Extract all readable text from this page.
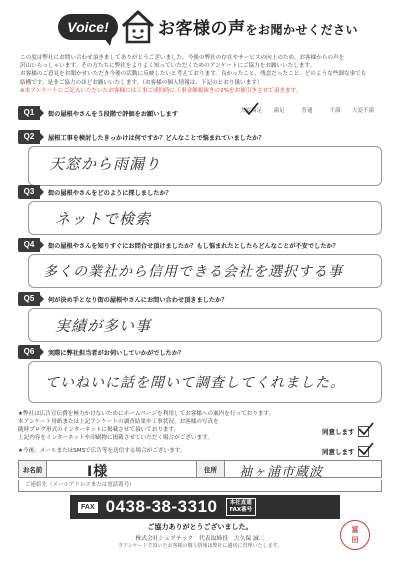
Voice!	お客様の声をお聞かせください

この度は弊社にお問い合わせ頂きましてありがとうございました。今後の弊社の存在やサービスの向上のため、お客様からの声を

沢山いらっしゃいます。その方たちに弊社をよりよく知っていただくためのアンケートにご協力をお願いいたします。

お客様のご意見をお聞かせいただき今後の活動に反映したいと考えております。良かったこと、残念だったこと、どのような些細な事でも

結構です。是非ご協力のほどお願いいたします。（お客様の個人情報は、下記のとおり扱います）

※本アンケートにご記入いただいたお客様には工事ご成約時に工事金額税抜きの2%をお値引きさせて頂きます。

Q1	街の屋根やさんを５段階で評価をお願いします	大変満足	満足	普通	不満	大変不満
Q2	屋根工事を検討したきっかけは何ですか？どんなことで悩まれていましたか？
天窓から雨漏り
Q3	街の屋根やさんをどのように探しましたか？
ネットで検索
Q4	街の屋根やさんを知りすぐにお問合せ頂けましたか？もし悩まれたとしたらどんなことが不安でしたか？
多くの業社から信用できる会社を選択する事
Q5	何が決め手となり街の屋根やさんにお問い合わせ頂きましたか？
実績が多い事
Q6	実際に弊社担当者がお伺いしていかがでしたか？
ていねいに話を聞いて調査してくれました。

★弊社は広告宣伝費を極力かけないためにホームページを利用してお客様への案内を行っております。

本アンケート用紙または上記アンケートの調査結果や工事状況、お客様の写真を

随時ブログ形式のインターネットに掲載させて頂いております。

上記内容をインターネットや印刷物に掲載させていただく場合がございます。

同意します

★今後、メールまたはSMSで広告等を送信する場合がございます。	同意します
お名前	I様	住所	袖ヶ浦市蔵波
ご連絡先（メールアドレスまたは電話番号）
FAX 0438-38-3310	本社直通
FAX番号
ご協力ありがとうございました。
株式会社シェアテック　代表取締役　大久保 誠二
当アンケートで頂いたお客様の個人情報は弊社に適切に管理いたします。
冨
田
